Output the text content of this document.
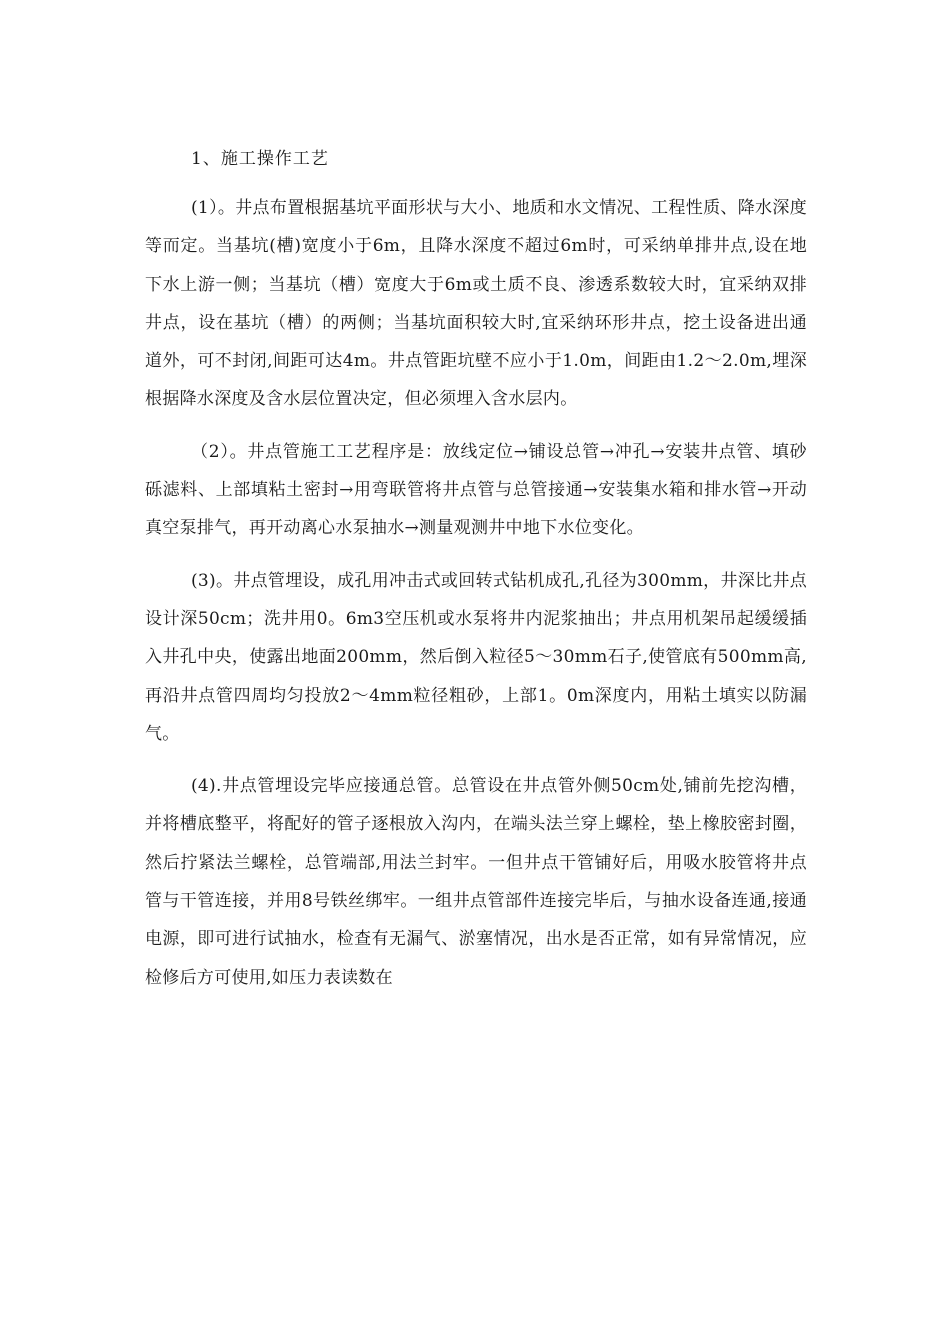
1、施工操作工艺

(1）。井点布置根据基坑平面形状与大小、地质和水文情况、工程性质、降水深度等而定。当基坑(槽)宽度小于6m，且降水深度不超过6m时，可采纳单排井点,设在地下水上游一侧；当基坑（槽）宽度大于6m或土质不良、渗透系数较大时，宜采纳双排井点，设在基坑（槽）的两侧；当基坑面积较大时,宜采纳环形井点，挖土设备进出通道外，可不封闭,间距可达4m。井点管距坑壁不应小于1.0m，间距由1.2～2.0m,埋深根据降水深度及含水层位置决定，但必须埋入含水层内。

（2）。井点管施工工艺程序是：放线定位→铺设总管→冲孔→安装井点管、填砂砾滤料、上部填粘土密封→用弯联管将井点管与总管接通→安装集水箱和排水管→开动真空泵排气，再开动离心水泵抽水→测量观测井中地下水位变化。

(3)。井点管埋设，成孔用冲击式或回转式钻机成孔,孔径为300mm，井深比井点设计深50cm；洗井用0。6m3空压机或水泵将井内泥浆抽出；井点用机架吊起缓缓插入井孔中央，使露出地面200mm，然后倒入粒径5～30mm石子,使管底有500mm高,再沿井点管四周均匀投放2～4mm粒径粗砂，上部1。0m深度内，用粘土填实以防漏气。

(4).井点管埋设完毕应接通总管。总管设在井点管外侧50cm处,铺前先挖沟槽，并将槽底整平，将配好的管子逐根放入沟内，在端头法兰穿上螺栓，垫上橡胶密封圈，然后拧紧法兰螺栓，总管端部,用法兰封牢。一但井点干管铺好后，用吸水胶管将井点管与干管连接，并用8号铁丝绑牢。一组井点管部件连接完毕后，与抽水设备连通,接通电源，即可进行试抽水，检查有无漏气、淤塞情况，出水是否正常，如有异常情况，应检修后方可使用,如压力表读数在
